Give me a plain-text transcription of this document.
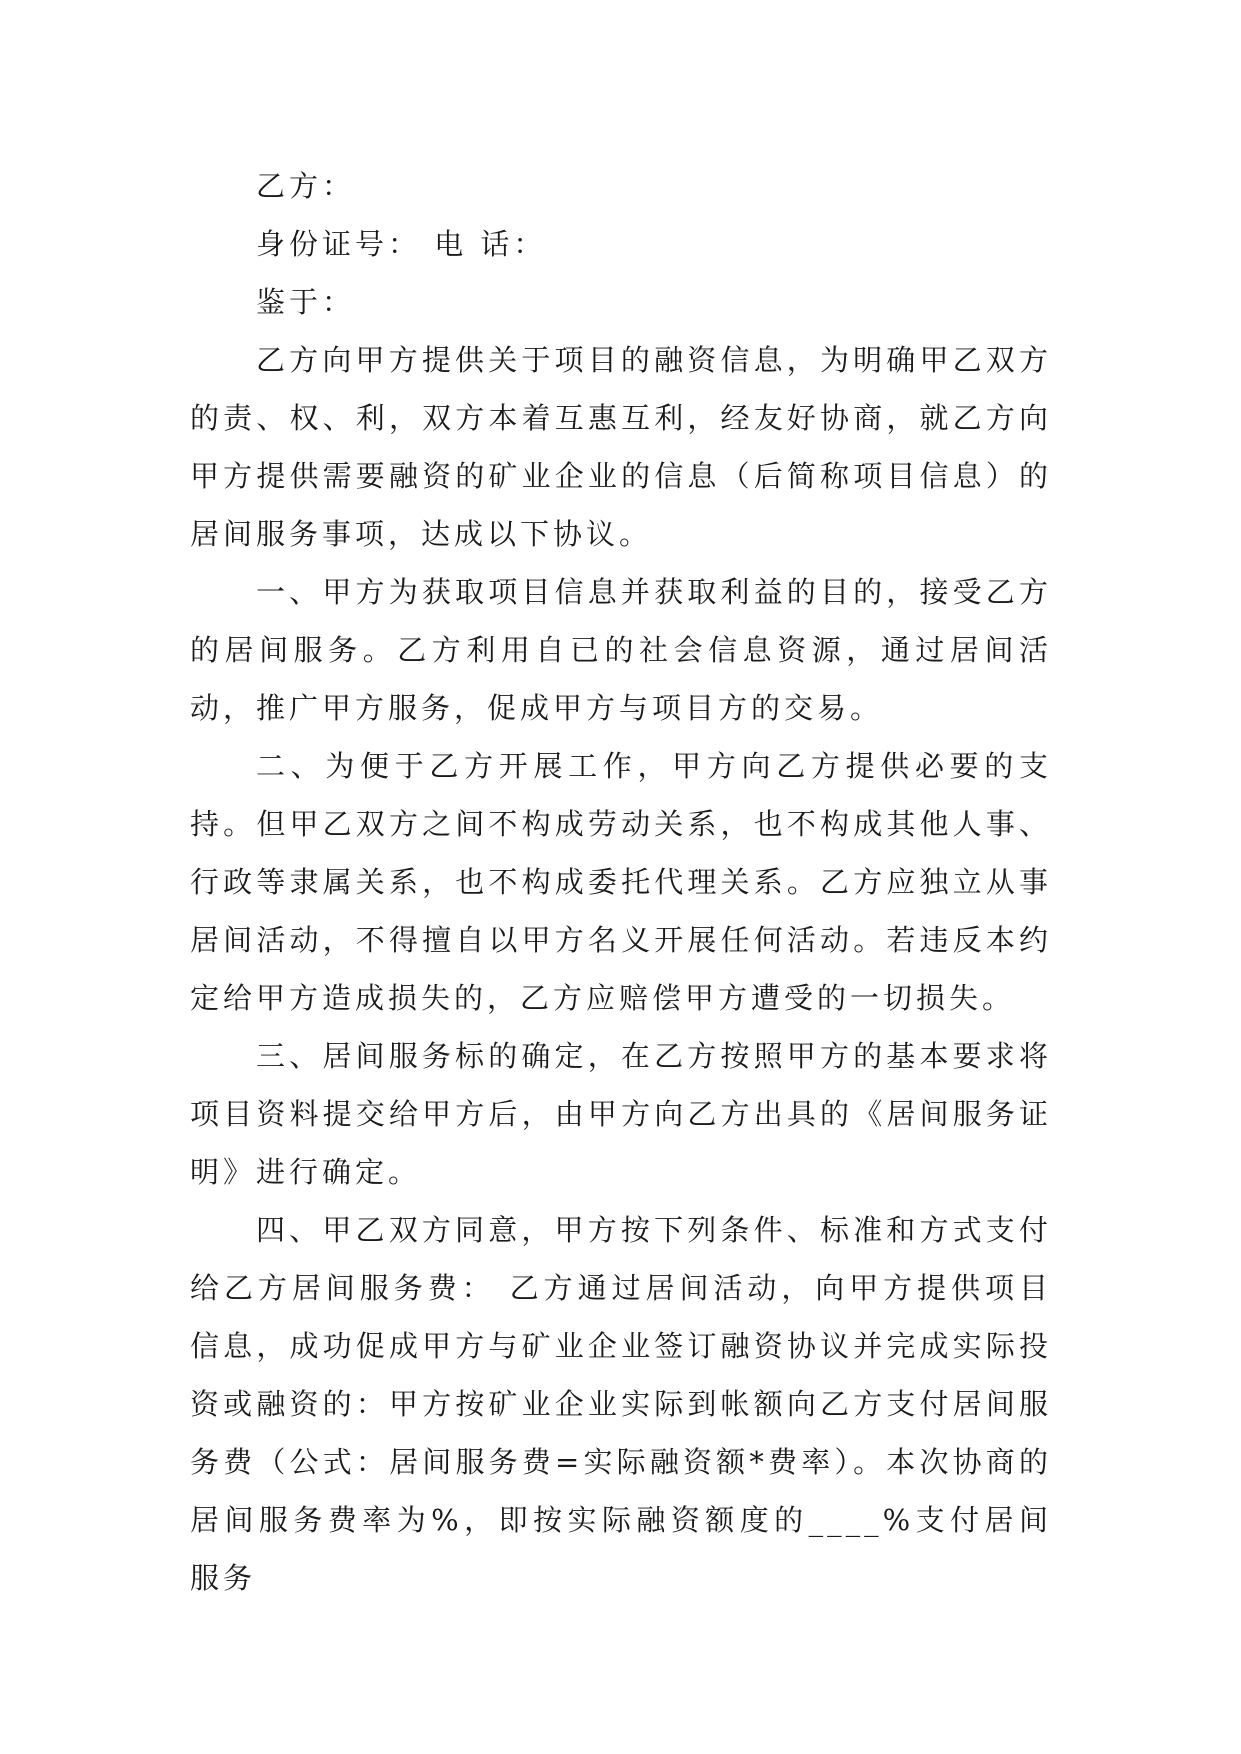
乙方：

身份证号： 电 话：

鉴于：

乙方向甲方提供关于项目的融资信息，为明确甲乙双方的责、权、利，双方本着互惠互利，经友好协商，就乙方向甲方提供需要融资的矿业企业的信息（后简称项目信息）的居间服务事项，达成以下协议。

一、甲方为获取项目信息并获取利益的目的，接受乙方的居间服务。乙方利用自已的社会信息资源，通过居间活动，推广甲方服务，促成甲方与项目方的交易。

二、为便于乙方开展工作，甲方向乙方提供必要的支持。但甲乙双方之间不构成劳动关系，也不构成其他人事、行政等隶属关系，也不构成委托代理关系。乙方应独立从事居间活动，不得擅自以甲方名义开展任何活动。若违反本约定给甲方造成损失的，乙方应赔偿甲方遭受的一切损失。

三、居间服务标的确定，在乙方按照甲方的基本要求将项目资料提交给甲方后，由甲方向乙方出具的《居间服务证明》进行确定。

四、甲乙双方同意，甲方按下列条件、标准和方式支付给乙方居间服务费： 乙方通过居间活动，向甲方提供项目信息，成功促成甲方与矿业企业签订融资协议并完成实际投资或融资的：甲方按矿业企业实际到帐额向乙方支付居间服务费（公式：居间服务费=实际融资额*费率）。本次协商的居间服务费率为%，即按实际融资额度的____%支付居间服务
